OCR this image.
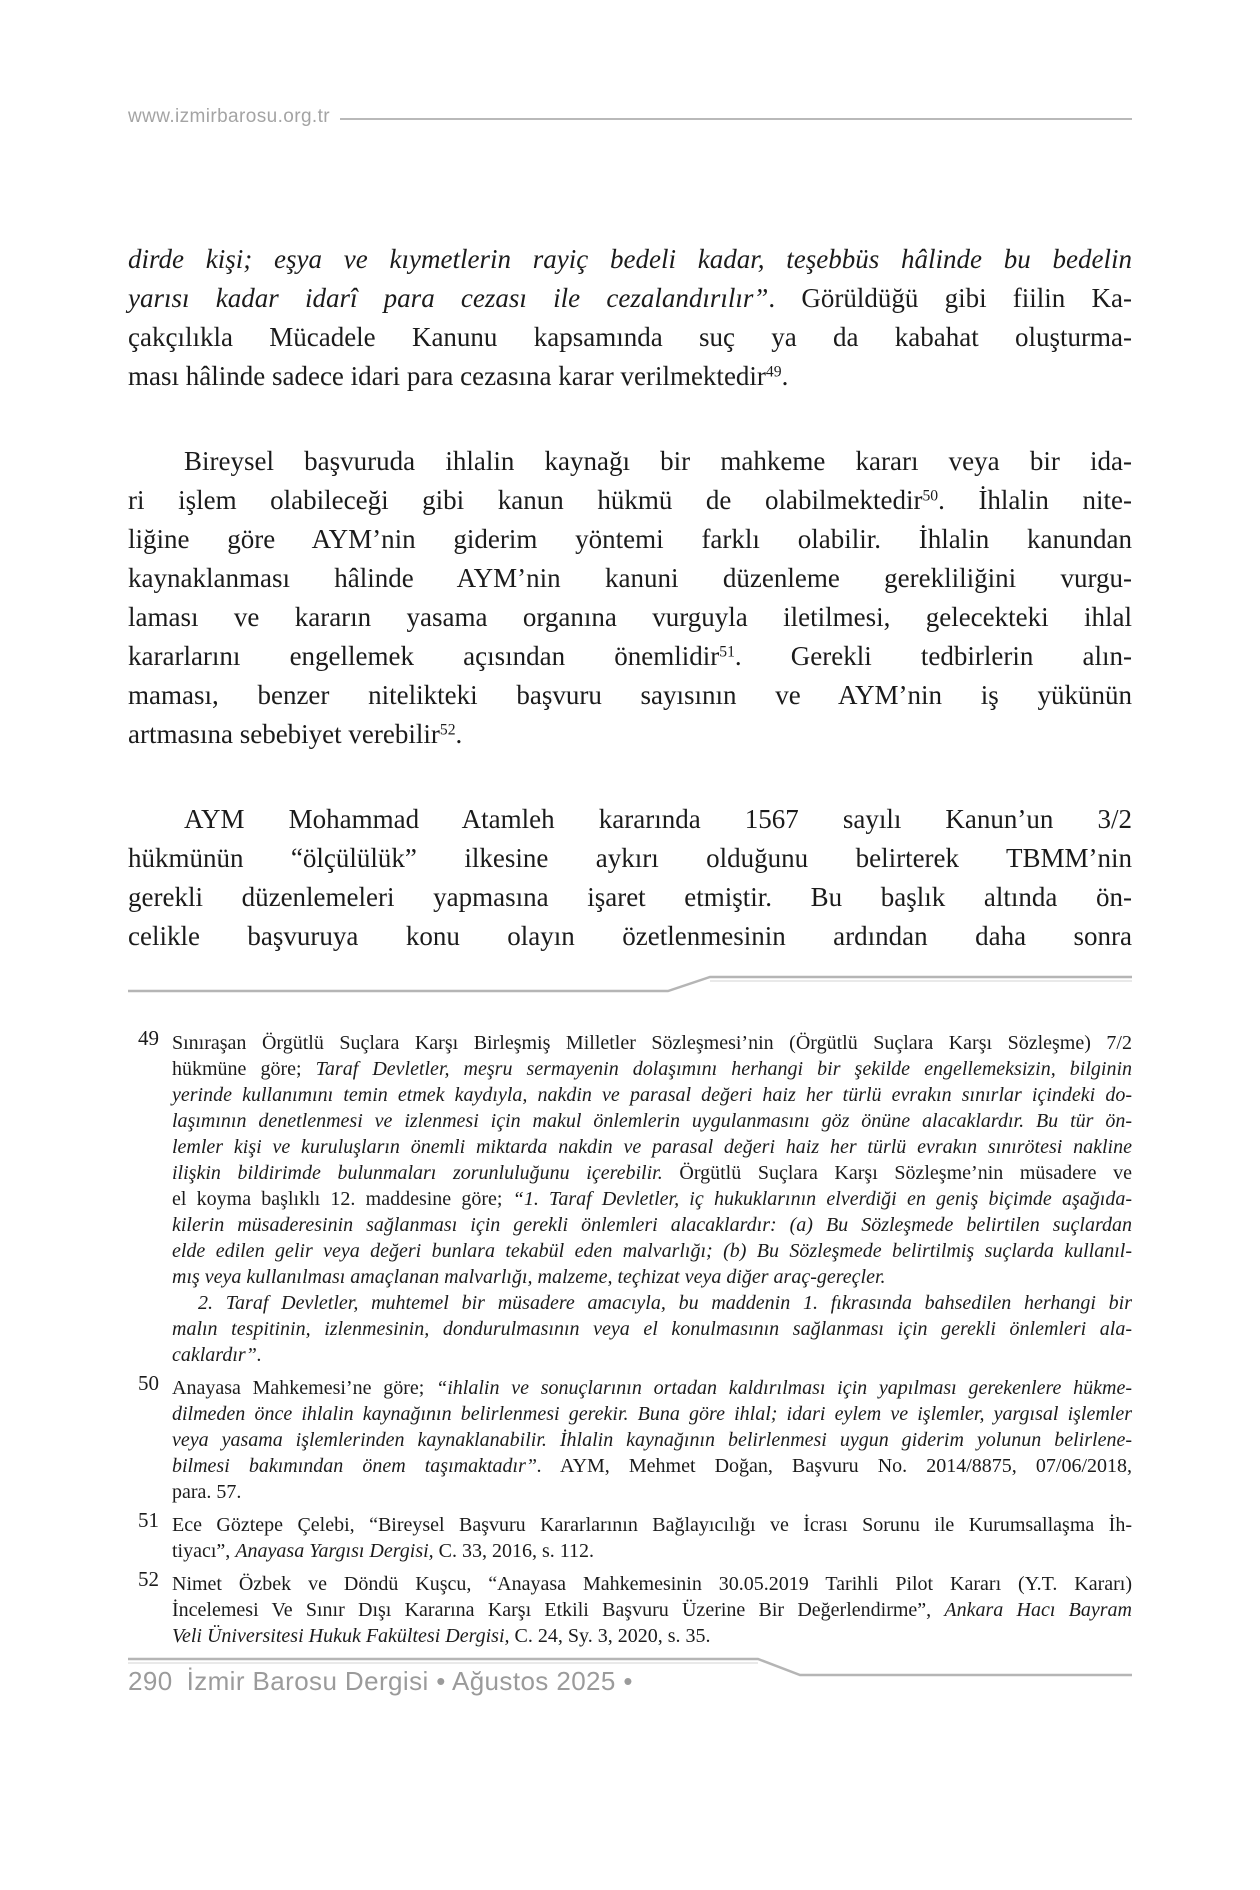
www.izmirbarosu.org.tr
dirde kişi; eşya ve kıymetlerin rayiç bedeli kadar, teşebbüs hâlinde bu bedelin
yarısı kadar idarî para cezası ile cezalandırılır”. Görüldüğü gibi fiilin Ka-
çakçılıkla Mücadele Kanunu kapsamında suç ya da kabahat oluşturma-
ması hâlinde sadece idari para cezasına karar verilmektedir$^{49}$.
Bireysel başvuruda ihlalin kaynağı bir mahkeme kararı veya bir ida-
ri işlem olabileceği gibi kanun hükmü de olabilmektedir$^{50}$. İhlalin nite-
liğine göre AYM’nin giderim yöntemi farklı olabilir. İhlalin kanundan
kaynaklanması hâlinde AYM’nin kanuni düzenleme gerekliliğini vurgu-
laması ve kararın yasama organına vurguyla iletilmesi, gelecekteki ihlal
kararlarını engellemek açısından önemlidir$^{51}$. Gerekli tedbirlerin alın-
maması, benzer nitelikteki başvuru sayısının ve AYM’nin iş yükünün
artmasına sebebiyet verebilir$^{52}$.
AYM Mohammad Atamleh kararında 1567 sayılı Kanun’un 3/2
hükmünün “ölçülülük” ilkesine aykırı olduğunu belirterek TBMM’nin
gerekli düzenlemeleri yapmasına işaret etmiştir. Bu başlık altında ön-
celikle başvuruya konu olayın özetlenmesinin ardından daha sonra
49 Sınıraşan Örgütlü Suçlara Karşı Birleşmiş Milletler Sözleşmesi’nin (Örgütlü Suçlara Karşı Sözleşme) 7/2
hükmüne göre; Taraf Devletler, meşru sermayenin dolaşımını herhangi bir şekilde engellemeksizin, bilginin
yerinde kullanımını temin etmek kaydıyla, nakdin ve parasal değeri haiz her türlü evrakın sınırlar içindeki do-
laşımının denetlenmesi ve izlenmesi için makul önlemlerin uygulanmasını göz önüne alacaklardır. Bu tür ön-
lemler kişi ve kuruluşların önemli miktarda nakdin ve parasal değeri haiz her türlü evrakın sınırötesi nakline
ilişkin bildirimde bulunmaları zorunluluğunu içerebilir. Örgütlü Suçlara Karşı Sözleşme’nin müsadere ve
el koyma başlıklı 12. maddesine göre; “1. Taraf Devletler, iç hukuklarının elverdiği en geniş biçimde aşağıda-
kilerin müsaderesinin sağlanması için gerekli önlemleri alacaklardır: (a) Bu Sözleşmede belirtilen suçlardan
elde edilen gelir veya değeri bunlara tekabül eden malvarlığı; (b) Bu Sözleşmede belirtilmiş suçlarda kullanıl-
mış veya kullanılması amaçlanan malvarlığı, malzeme, teçhizat veya diğer araç-gereçler.
2. Taraf Devletler, muhtemel bir müsadere amacıyla, bu maddenin 1. fıkrasında bahsedilen herhangi bir
malın tespitinin, izlenmesinin, dondurulmasının veya el konulmasının sağlanması için gerekli önlemleri ala-
caklardır”.
50 Anayasa Mahkemesi’ne göre; “ihlalin ve sonuçlarının ortadan kaldırılması için yapılması gerekenlere hükme-
dilmeden önce ihlalin kaynağının belirlenmesi gerekir. Buna göre ihlal; idari eylem ve işlemler, yargısal işlemler
veya yasama işlemlerinden kaynaklanabilir. İhlalin kaynağının belirlenmesi uygun giderim yolunun belirlene-
bilmesi bakımından önem taşımaktadır”. AYM, Mehmet Doğan, Başvuru No. 2014/8875, 07/06/2018,
para. 57.
51 Ece Göztepe Çelebi, “Bireysel Başvuru Kararlarının Bağlayıcılığı ve İcrası Sorunu ile Kurumsallaşma İh-
tiyacı”, Anayasa Yargısı Dergisi, C. 33, 2016, s. 112.
52 Nimet Özbek ve Döndü Kuşcu, “Anayasa Mahkemesinin 30.05.2019 Tarihli Pilot Kararı (Y.T. Kararı)
İncelemesi Ve Sınır Dışı Kararına Karşı Etkili Başvuru Üzerine Bir Değerlendirme”, Ankara Hacı Bayram
Veli Üniversitesi Hukuk Fakültesi Dergisi, C. 24, Sy. 3, 2020, s. 35.
290 İzmir Barosu Dergisi • Ağustos 2025 •
